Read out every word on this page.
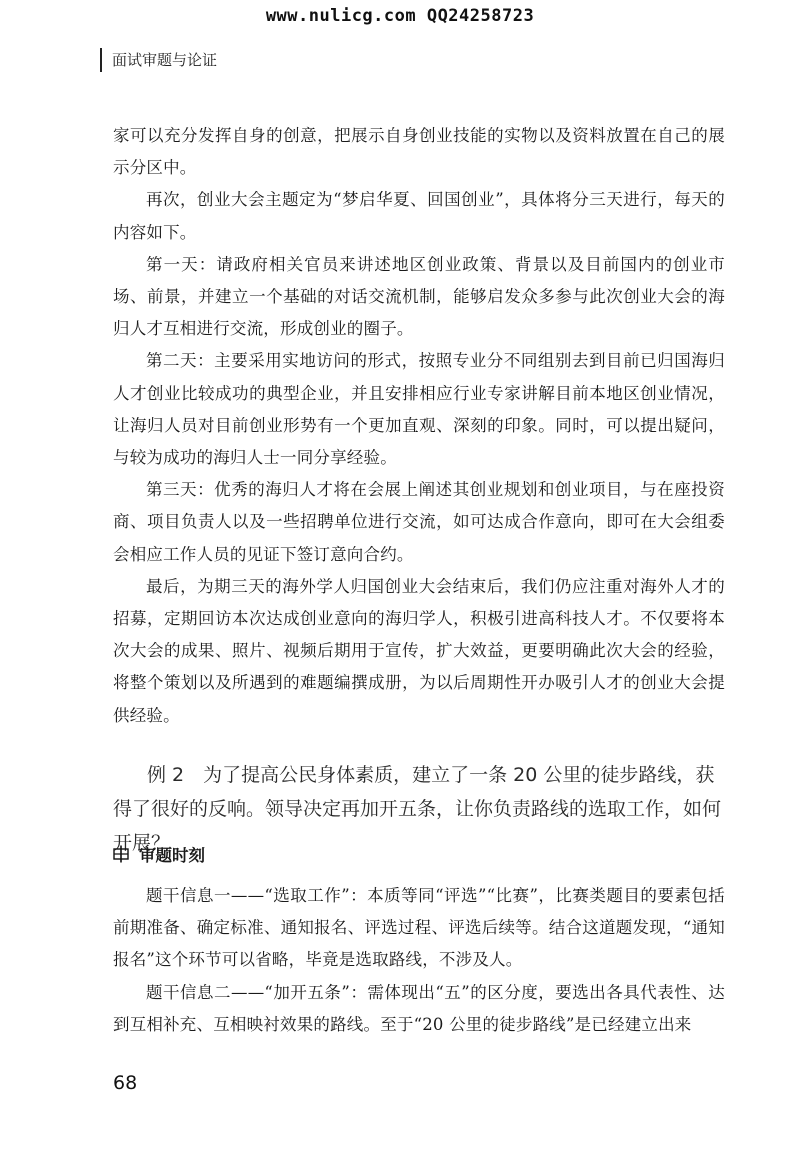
www.nulicg.com QQ24258723
面试审题与论证

家可以充分发挥自身的创意，把展示自身创业技能的实物以及资料放置在自己的展示分区中。

再次，创业大会主题定为“梦启华夏、回国创业”，具体将分三天进行，每天的内容如下。

第一天：请政府相关官员来讲述地区创业政策、背景以及目前国内的创业市场、前景，并建立一个基础的对话交流机制，能够启发众多参与此次创业大会的海归人才互相进行交流，形成创业的圈子。

第二天：主要采用实地访问的形式，按照专业分不同组别去到目前已归国海归人才创业比较成功的典型企业，并且安排相应行业专家讲解目前本地区创业情况，让海归人员对目前创业形势有一个更加直观、深刻的印象。同时，可以提出疑问，与较为成功的海归人士一同分享经验。

第三天：优秀的海归人才将在会展上阐述其创业规划和创业项目，与在座投资商、项目负责人以及一些招聘单位进行交流，如可达成合作意向，即可在大会组委会相应工作人员的见证下签订意向合约。

最后，为期三天的海外学人归国创业大会结束后，我们仍应注重对海外人才的招募，定期回访本次达成创业意向的海归学人，积极引进高科技人才。不仅要将本次大会的成果、照片、视频后期用于宣传，扩大效益，更要明确此次大会的经验，将整个策划以及所遇到的难题编撰成册，为以后周期性开办吸引人才的创业大会提供经验。

例 2　为了提高公民身体素质，建立了一条 20 公里的徒步路线，获得了很好的反响。领导决定再加开五条，让你负责路线的选取工作，如何开展？

审题时刻

题干信息一——“选取工作”：本质等同“评选”“比赛”，比赛类题目的要素包括前期准备、确定标准、通知报名、评选过程、评选后续等。结合这道题发现，“通知报名”这个环节可以省略，毕竟是选取路线，不涉及人。

题干信息二——“加开五条”：需体现出“五”的区分度，要选出各具代表性、达到互相补充、互相映衬效果的路线。至于“20 公里的徒步路线”是已经建立出来

68
